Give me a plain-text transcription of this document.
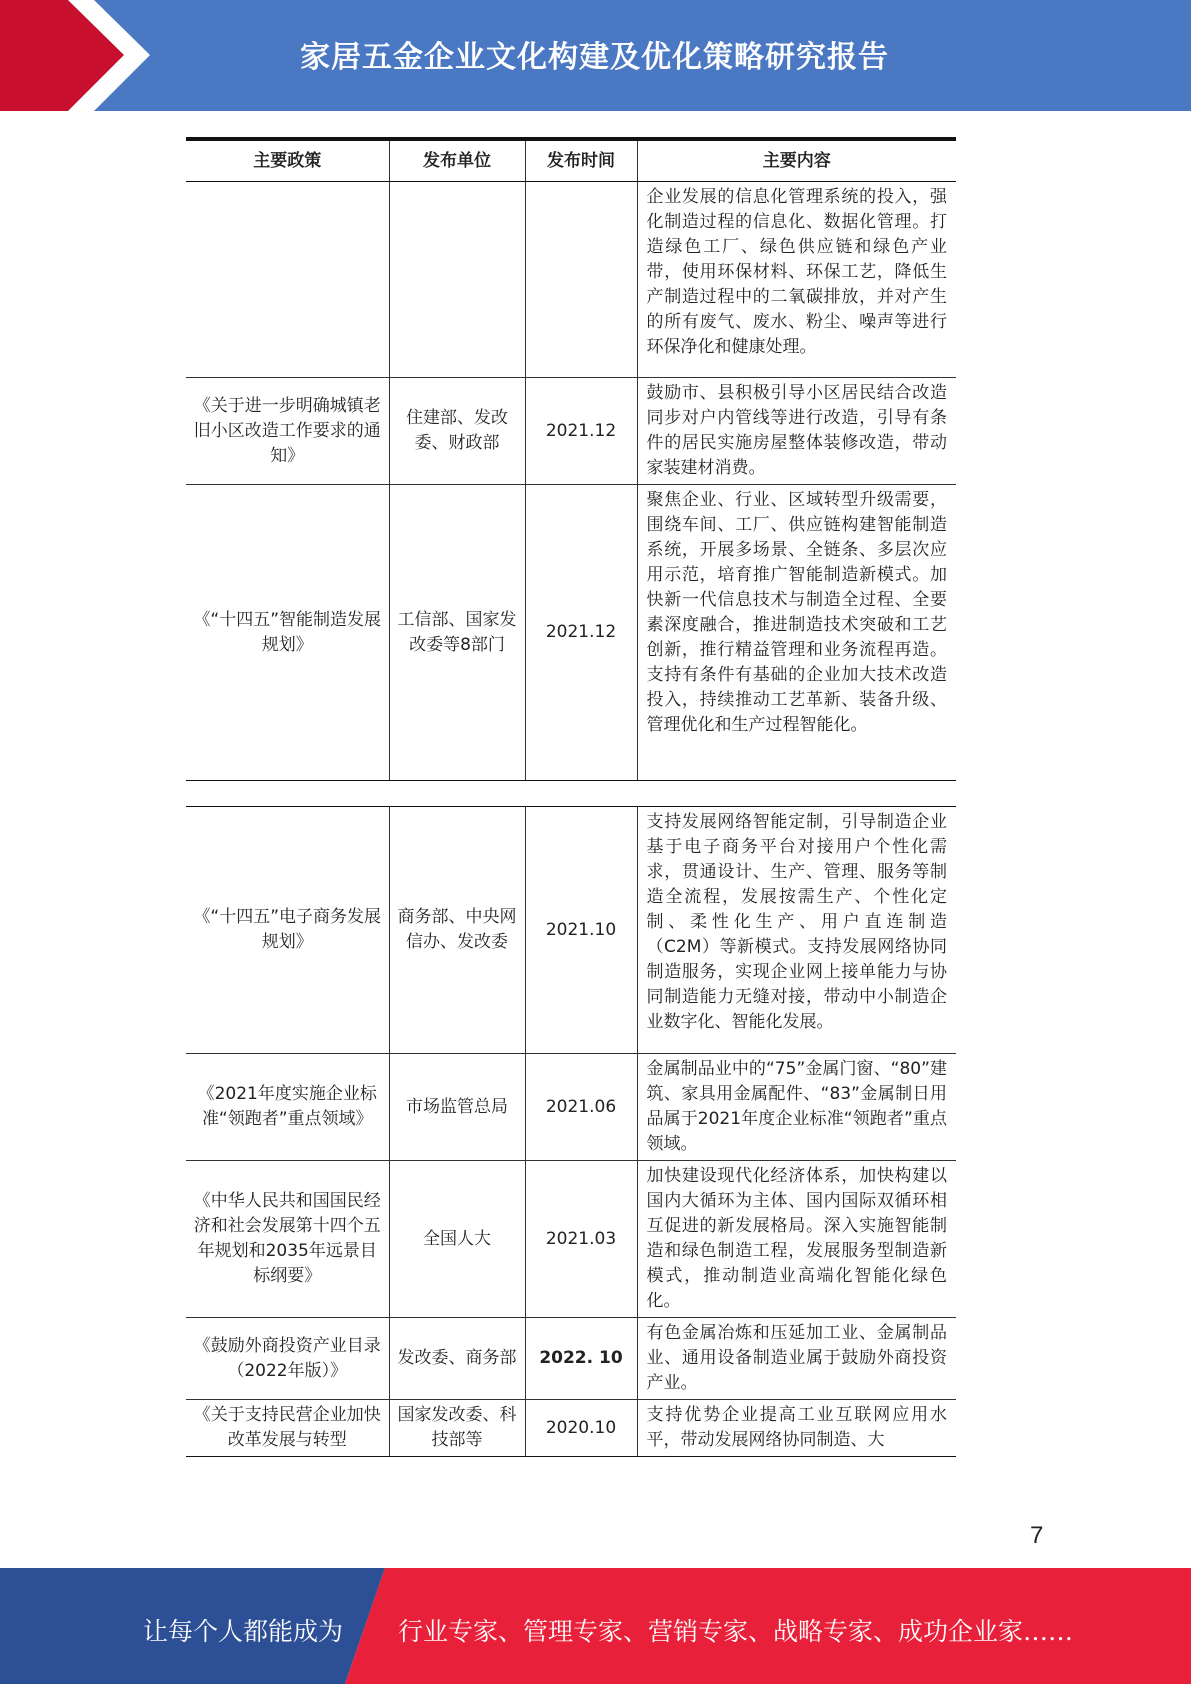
家居五金企业文化构建及优化策略研究报告
主要政策	发布单位	发布时间	主要内容
			企业发展的信息化管理系统的投入，强化制造过程的信息化、数据化管理。打造绿色工厂、绿色供应链和绿色产业带，使用环保材料、环保工艺，降低生产制造过程中的二氧碳排放，并对产生的所有废气、废水、粉尘、噪声等进行环保净化和健康处理。
《关于进一步明确城镇老旧小区改造工作要求的通知》	住建部、发改委、财政部	2021.12	鼓励市、县积极引导小区居民结合改造同步对户内管线等进行改造，引导有条件的居民实施房屋整体装修改造，带动家装建材消费。
《“十四五”智能制造发展规划》	工信部、国家发改委等8部门	2021.12	聚焦企业、行业、区域转型升级需要，围绕车间、工厂、供应链构建智能制造系统，开展多场景、全链条、多层次应用示范，培育推广智能制造新模式。加快新一代信息技术与制造全过程、全要素深度融合，推进制造技术突破和工艺创新，推行精益管理和业务流程再造。支持有条件有基础的企业加大技术改造投入，持续推动工艺革新、装备升级、管理优化和生产过程智能化。
《“十四五”电子商务发展规划》	商务部、中央网信办、发改委	2021.10	支持发展网络智能定制，引导制造企业基于电子商务平台对接用户个性化需求，贯通设计、生产、管理、服务等制造全流程，发展按需生产、个性化定制、柔性化生产、用户直连制造（C2M）等新模式。支持发展网络协同制造服务，实现企业网上接单能力与协同制造能力无缝对接，带动中小制造企业数字化、智能化发展。
《2021年度实施企业标准“领跑者”重点领域》	市场监管总局	2021.06	金属制品业中的“75”金属门窗、“80”建筑、家具用金属配件、“83”金属制日用品属于2021年度企业标准“领跑者”重点领域。
《中华人民共和国国民经济和社会发展第十四个五年规划和2035年远景目标纲要》	全国人大	2021.03	加快建设现代化经济体系，加快构建以国内大循环为主体、国内国际双循环相互促进的新发展格局。深入实施智能制造和绿色制造工程，发展服务型制造新模式，推动制造业高端化智能化绿色化。
《鼓励外商投资产业目录（2022年版）》	发改委、商务部	2022. 10	有色金属冶炼和压延加工业、金属制品业、通用设备制造业属于鼓励外商投资产业。
《关于支持民营企业加快改革发展与转型	国家发改委、科技部等	2020.10	支持优势企业提高工业互联网应用水平，带动发展网络协同制造、大
7
让每个人都能成为 行业专家、管理专家、营销专家、战略专家、成功企业家……
